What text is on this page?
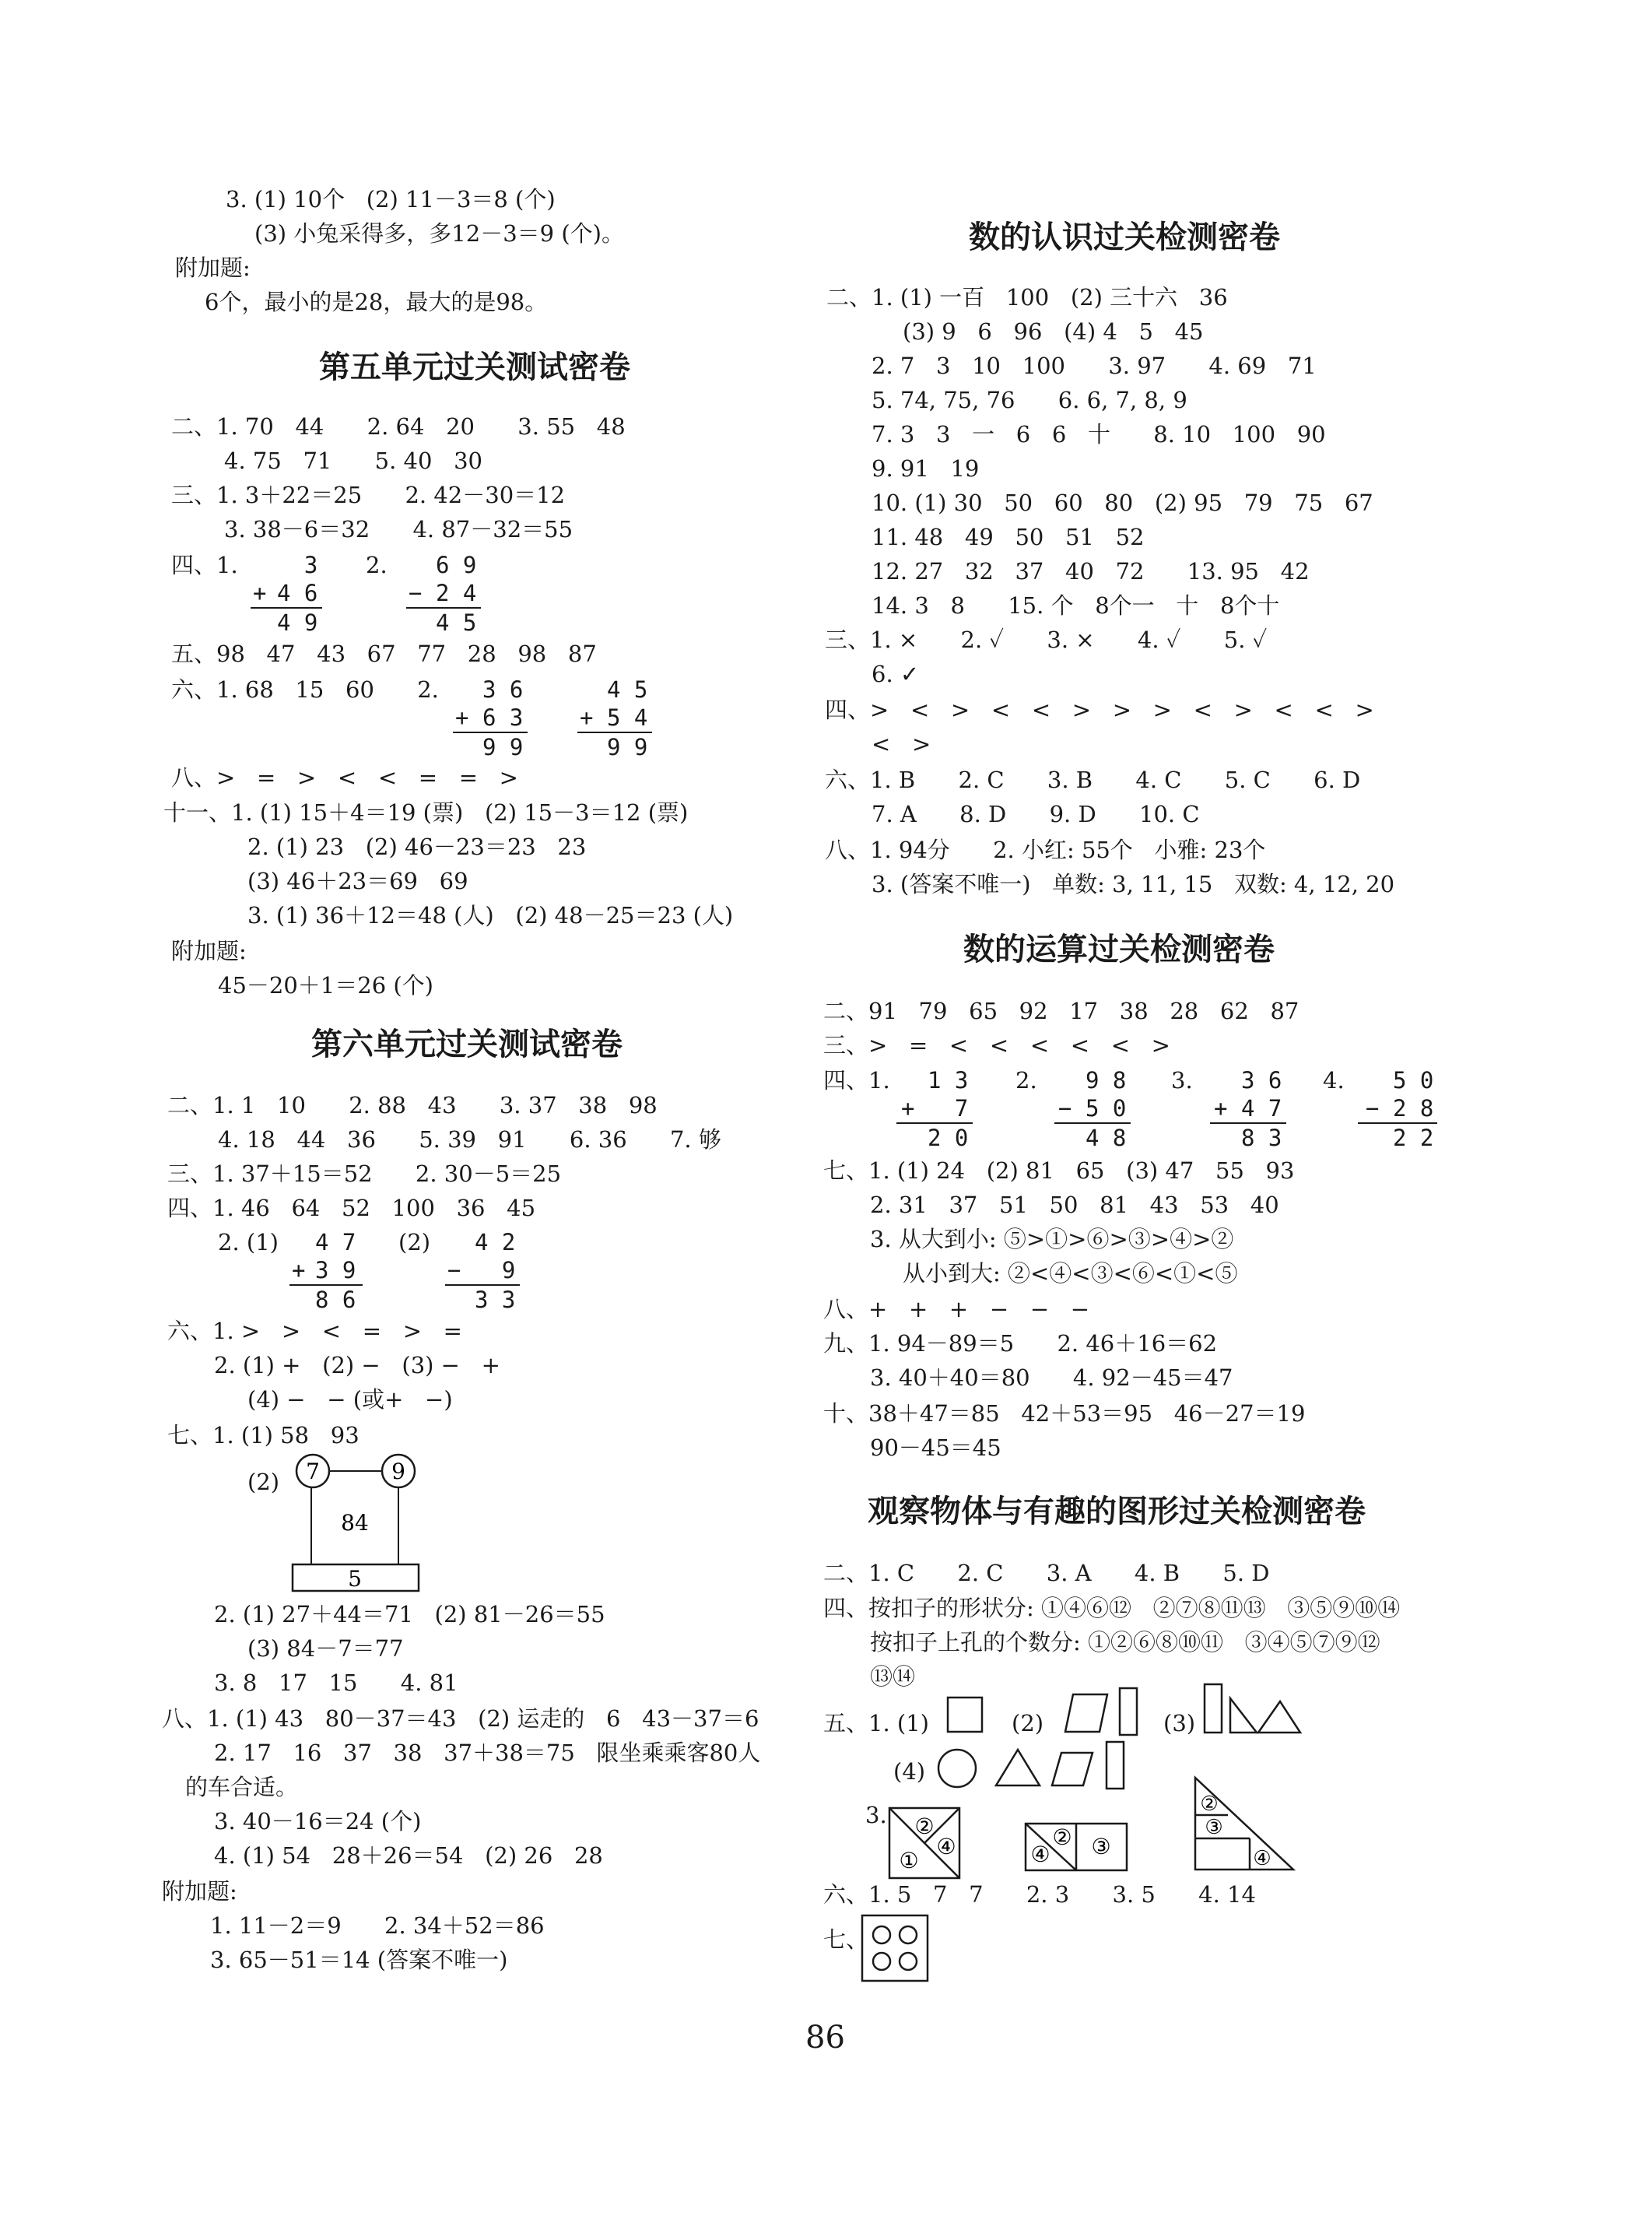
3. (1) 10个   (2) 11－3＝8 (个)
(3) 小兔采得多，多12－3＝9 (个)。
附加题:
6个，最小的是28，最大的是98。
第五单元过关测试密卷
二、1. 70   44      2. 64   20      3. 55   48
4. 75   71      5. 40   30
三、1. 3＋22＝25      2. 42－30＝12
3. 38－6＝32      4. 87－32＝55
四、1. 3
+ 4 6
4 9
2. 6 9
− 2 4
4 5
五、98   47   43   67   77   28   98   87
六、1. 68   15   60      2. 3 6
+ 6 3
9 9
4 5
+ 5 4
9 9
八、>   =   >   <   <   =   =   >
十一、1. (1) 15＋4＝19 (票)   (2) 15－3＝12 (票)
2. (1) 23   (2) 46－23＝23   23
(3) 46＋23＝69   69
3. (1) 36＋12＝48 (人)   (2) 48－25＝23 (人)
附加题:
45－20＋1＝26 (个)
第六单元过关测试密卷
二、1. 1   10      2. 88   43      3. 37   38   98
4. 18   44   36      5. 39   91      6. 36      7. 够
三、1. 37＋15＝52      2. 30－5＝25
四、1. 46   64   52   100   36   45
2. (1) 4 7
+ 3 9
8 6
(2) 4 2
− 9
3 3
六、1. >   >   <   =   >   =
2. (1) +   (2) −   (3) −   +
(4) −   − (或+   −)
七、1. (1) 58   93
(2) 7	9
84
5
2. (1) 27＋44＝71   (2) 81－26＝55
(3) 84－7＝77
3. 8   17   15      4. 81
八、1. (1) 43   80－37＝43   (2) 运走的   6   43－37＝6
2. 17   16   37   38   37＋38＝75   限坐乘乘客80人
的车合适。
3. 40－16＝24 (个)
4. (1) 54   28＋26＝54   (2) 26   28
附加题:
1. 11－2＝9      2. 34＋52＝86
3. 65－51＝14 (答案不唯一)
数的认识过关检测密卷
二、1. (1) 一百   100   (2) 三十六   36
(3) 9   6   96   (4) 4   5   45
2. 7   3   10   100      3. 97      4. 69   71
5. 74, 75, 76      6. 6, 7, 8, 9
7. 3   3   一   6   6   十      8. 10   100   90
9. 91   19
10. (1) 30   50   60   80   (2) 95   79   75   67
11. 48   49   50   51   52
12. 27   32   37   40   72      13. 95   42
14. 3   8      15. 个   8个一   十   8个十
三、1. ×      2. ✓      3. ×      4. ✓      5. ✓
6. ✓
四、>   <   >   <   <   >   >   >   <   >   <   <   >
<   >
六、1. B      2. C      3. B      4. C      5. C      6. D
7. A      8. D      9. D      10. C
八、1. 94分      2. 小红: 55个   小雅: 23个
3. (答案不唯一)   单数: 3, 11, 15   双数: 4, 12, 20
数的运算过关检测密卷
二、91   79   65   92   17   38   28   62   87
三、>   =   <   <   <   <   <   >
四、1. 1 3
+ 7
2 0
2. 9 8
− 5 0
4 8
3. 3 6
+ 4 7
8 3
4. 5 0
− 2 8
2 2
七、1. (1) 24   (2) 81   65   (3) 47   55   93
2. 31   37   51   50   81   43   53   40
3. 从大到小: ⑤>①>⑥>③>④>②
从小到大: ②<④<③<⑥<①<⑤
八、+   +   +   −   −   −
九、1. 94－89＝5      2. 46＋16＝62
3. 40＋40＝80      4. 92－45＝47
十、38＋47＝85   42＋53＝95   46－27＝19
90－45＝45
观察物体与有趣的图形过关检测密卷
二、1. C      2. C      3. A      4. B      5. D
四、按扣子的形状分: ①④⑥⑫   ②⑦⑧⑪⑬   ③⑤⑨⑩⑭
按扣子上孔的个数分: ①②⑥⑧⑩⑪   ③④⑤⑦⑨⑫
⑬⑭
五、1. (1)	(2)	(3)
(4)
3. ②
①
④	④
② ③
②
③
④
六、1. 5   7   7      2. 3      3. 5      4. 14
七、
86
